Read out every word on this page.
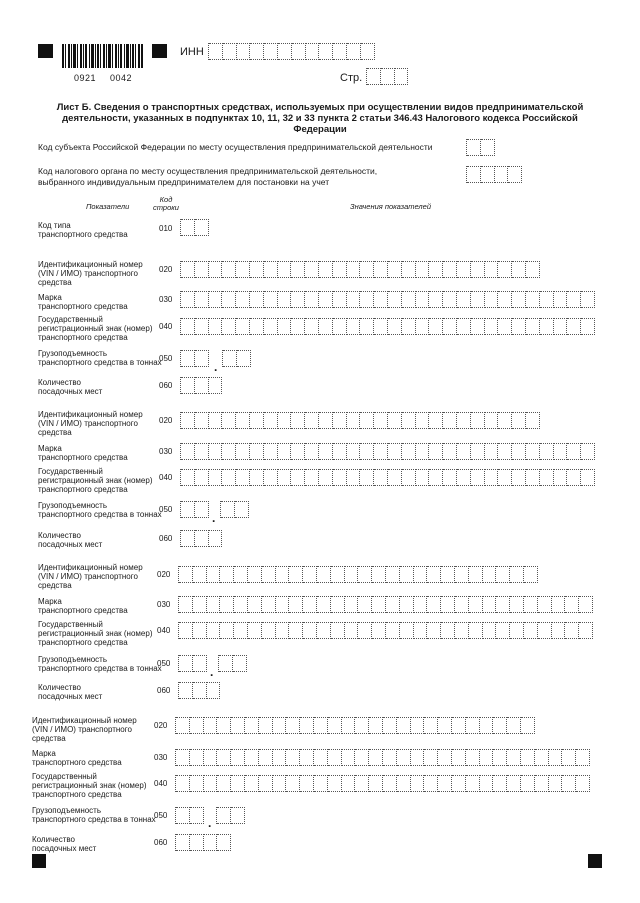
0921 0042
ИНН
Стр.
Лист Б. Сведения о транспортных средствах, используемых при осуществлении видов предпринимательской деятельности, указанных в подпунктах 10, 11, 32 и 33 пункта 2 статьи 346.43 Налогового кодекса Российской Федерации
Код субъекта Российской Федерации по месту осуществления предпринимательской деятельности
Код налогового органа по месту осуществления предпринимательской деятельности,
выбранного индивидуальным предпринимателем для постановки на учет
Показатели
Код
строки	Значения показателей
Код типа
транспортного средства
010
Идентификационный номер
(VIN / ИМО) транспортного
средства
020
Марка
транспортного средства
030
Государственный
регистрационный знак (номер)
транспортного средства
040
Грузоподъемность
транспортного средства в тоннах
050
.
Количество
посадочных мест
060
Идентификационный номер
(VIN / ИМО) транспортного
средства
020
Марка
транспортного средства
030
Государственный
регистрационный знак (номер)
транспортного средства
040
Грузоподъемность
транспортного средства в тоннах
050
.
Количество
посадочных мест
060
Идентификационный номер
(VIN / ИМО) транспортного
средства
020
Марка
транспортного средства
030
Государственный
регистрационный знак (номер)
транспортного средства
040
Грузоподъемность
транспортного средства в тоннах
050
.
Количество
посадочных мест
060
Идентификационный номер
(VIN / ИМО) транспортного
средства
020
Марка
транспортного средства
030
Государственный
регистрационный знак (номер)
транспортного средства
040
Грузоподъемность
транспортного средства в тоннах
050
.
Количество
посадочных мест
060
